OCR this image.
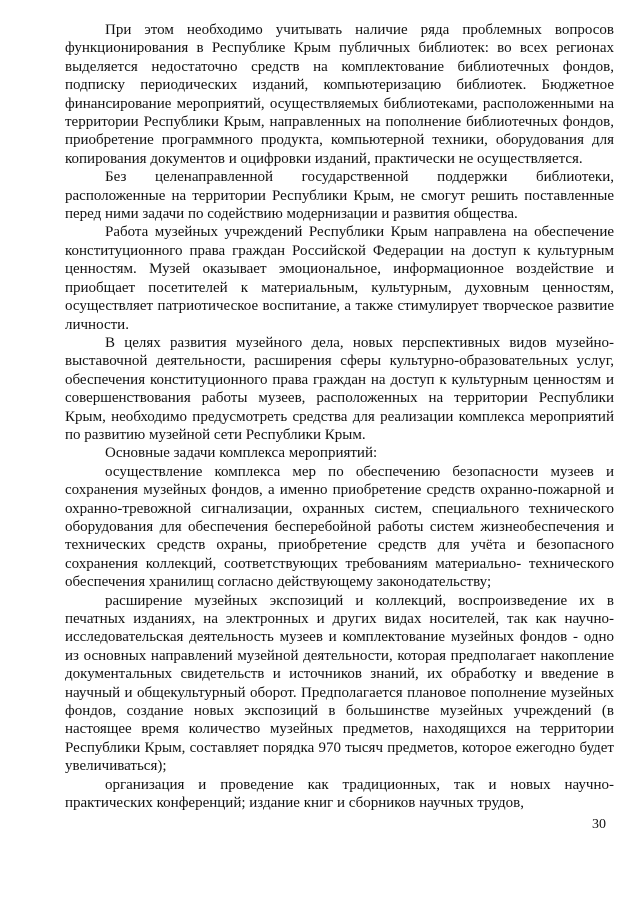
При этом необходимо учитывать наличие ряда проблемных вопросов функционирования в Республике Крым публичных библиотек: во всех регионах выделяется недостаточно средств на комплектование библиотечных фондов, подписку периодических изданий, компьютеризацию библиотек. Бюджетное финансирование мероприятий, осуществляемых библиотеками, расположенными на территории Республики Крым, направленных на пополнение библиотечных фондов, приобретение программного продукта, компьютерной техники, оборудования для копирования документов и оцифровки изданий, практически не осуществляется.

Без целенаправленной государственной поддержки библиотеки, расположенные на территории Республики Крым, не смогут решить поставленные перед ними задачи по содействию модернизации и развития общества.

Работа музейных учреждений Республики Крым направлена на обеспечение конституционного права граждан Российской Федерации на доступ к культурным ценностям. Музей оказывает эмоциональное, информационное воздействие и приобщает посетителей к материальным, культурным, духовным ценностям, осуществляет патриотическое воспитание, а также стимулирует творческое развитие личности.

В целях развития музейного дела, новых перспективных видов музейно-выставочной деятельности, расширения сферы культурно-образовательных услуг, обеспечения конституционного права граждан на доступ к культурным ценностям и совершенствования работы музеев, расположенных на территории Республики Крым, необходимо предусмотреть средства для реализации комплекса мероприятий по развитию музейной сети Республики Крым.

Основные задачи комплекса мероприятий:

осуществление комплекса мер по обеспечению безопасности музеев и сохранения музейных фондов, а именно приобретение средств охранно-пожарной и охранно-тревожной сигнализации, охранных систем, специального технического оборудования для обеспечения бесперебойной работы систем жизнеобеспечения и технических средств охраны, приобретение средств для учёта и безопасного сохранения коллекций, соответствующих требованиям материально- технического обеспечения хранилищ согласно действующему законодательству;

расширение музейных экспозиций и коллекций, воспроизведение их в печатных изданиях, на электронных и других видах носителей, так как научно-исследовательская деятельность музеев и комплектование музейных фондов - одно из основных направлений музейной деятельности, которая предполагает накопление документальных свидетельств и источников знаний, их обработку и введение в научный и общекультурный оборот. Предполагается плановое пополнение музейных фондов, создание новых экспозиций в большинстве музейных учреждений (в настоящее время количество музейных предметов, находящихся на территории Республики Крым, составляет порядка 970 тысяч предметов, которое ежегодно будет увеличиваться);

организация и проведение как традиционных, так и новых научно-практических конференций; издание книг и сборников научных трудов,

30
